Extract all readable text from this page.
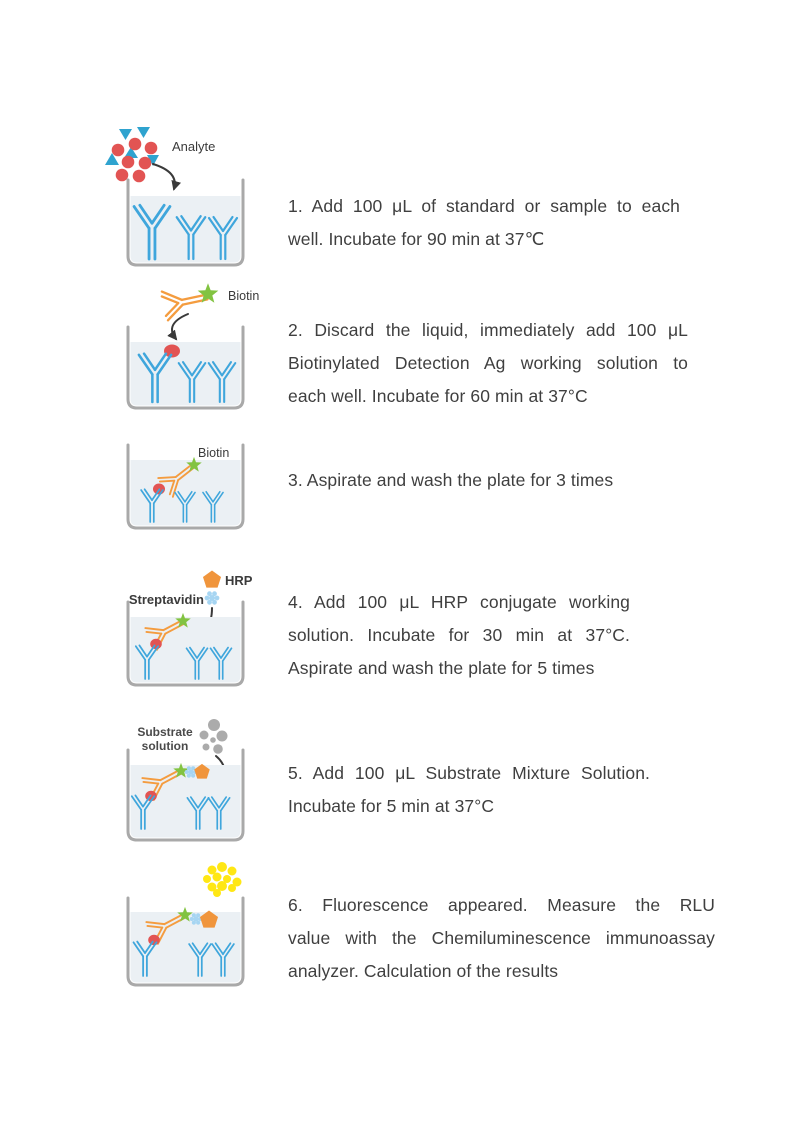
Analyte
1. Add 100 μL of standard or sample to each
well. Incubate for 90 min at 37℃
Biotin
2. Discard the liquid, immediately add 100 μL
Biotinylated Detection Ag working solution to
each well. Incubate for 60 min at 37°C
Biotin
3. Aspirate and wash the plate for 3 times
HRP
Streptavidin	4. Add 100 μL HRP conjugate working
solution. Incubate for 30 min at 37°C.
Aspirate and wash the plate for 5 times
Substrate
solution
5. Add 100 μL Substrate Mixture Solution.
Incubate for 5 min at 37°C
6. Fluorescence appeared. Measure the RLU
value with the Chemiluminescence immunoassay
analyzer. Calculation of the results
